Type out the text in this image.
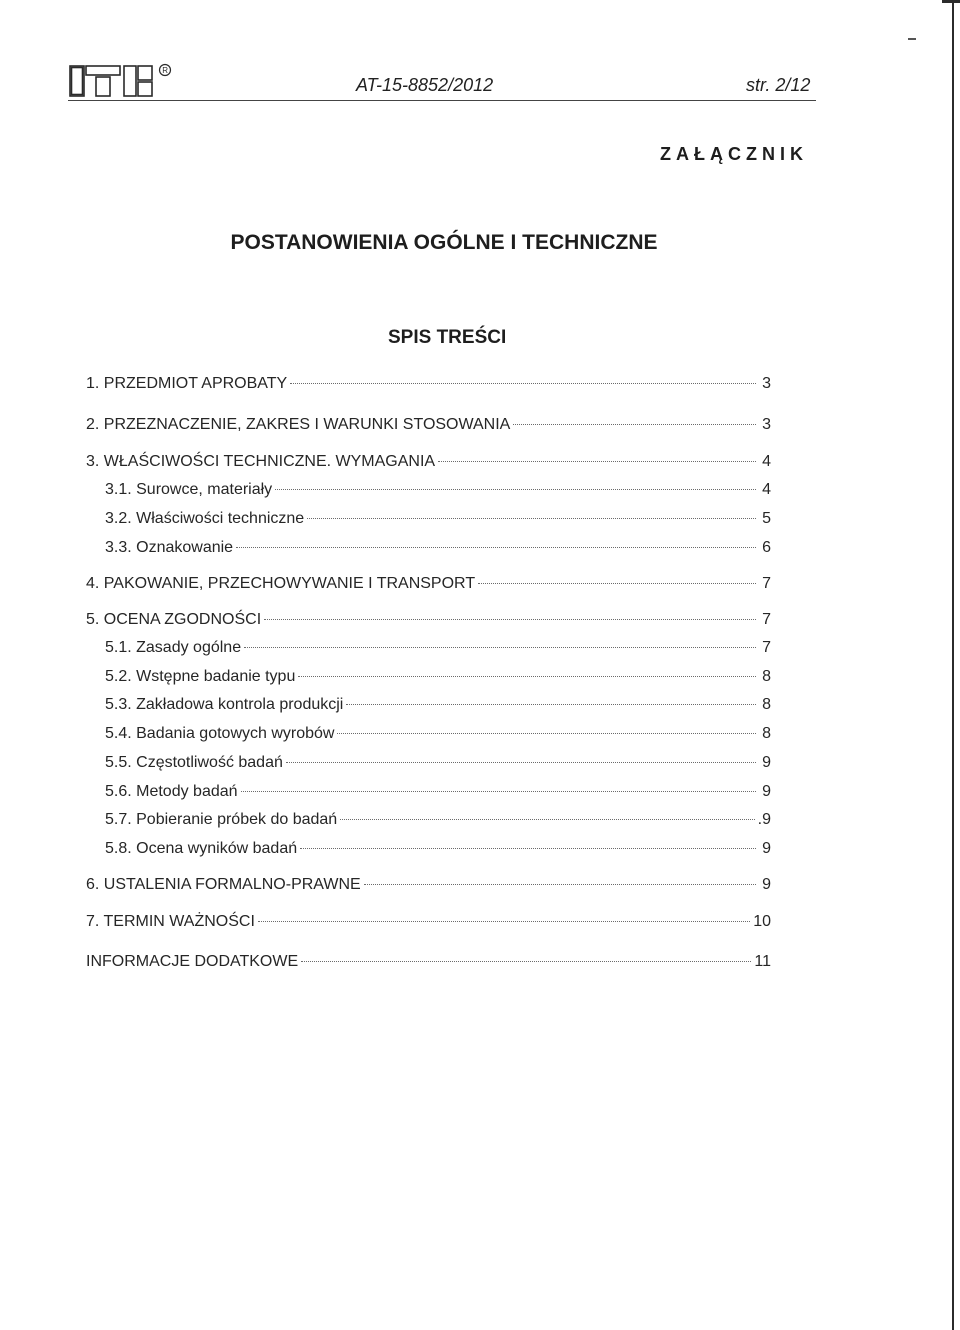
R
AT-15-8852/2012	str. 2/12
ZAŁĄCZNIK
POSTANOWIENIA OGÓLNE I TECHNICZNE
SPIS TREŚCI
1. PRZEDMIOT APROBATY	3
2. PRZEZNACZENIE, ZAKRES I WARUNKI STOSOWANIA	3
3. WŁAŚCIWOŚCI TECHNICZNE. WYMAGANIA	4
3.1. Surowce, materiały	4
3.2. Właściwości techniczne	5
3.3. Oznakowanie	6
4. PAKOWANIE, PRZECHOWYWANIE I TRANSPORT	7
5. OCENA ZGODNOŚCI	7
5.1. Zasady ogólne	7
5.2. Wstępne badanie typu	8
5.3. Zakładowa kontrola produkcji	8
5.4. Badania gotowych wyrobów	8
5.5. Częstotliwość badań	9
5.6. Metody badań	9
5.7. Pobieranie próbek do badań	.9
5.8. Ocena wyników badań	9
6. USTALENIA FORMALNO-PRAWNE	9
7. TERMIN WAŻNOŚCI	10
INFORMACJE DODATKOWE	11
